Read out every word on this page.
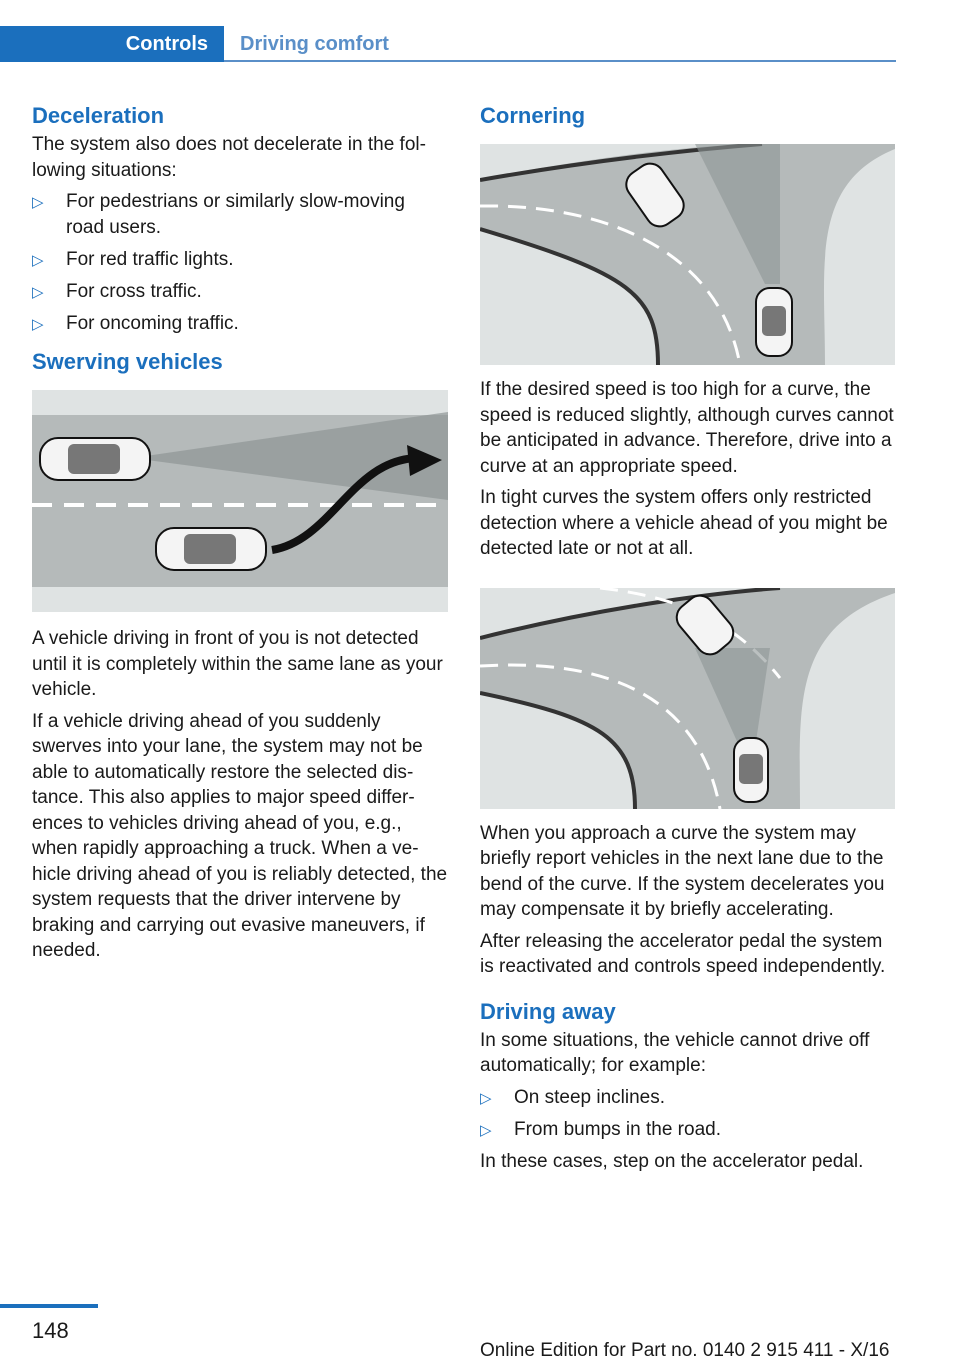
Controls	Driving comfort
Deceleration

The system also does not decelerate in the following situations:

▷ For pedestrians or similarly slow-moving road users.
▷ For red traffic lights.
▷ For cross traffic.
▷ For oncoming traffic.
Swerving vehicles

A vehicle driving in front of you is not detected until it is completely within the same lane as your vehicle.

If a vehicle driving ahead of you suddenly swerves into your lane, the system may not be able to automatically restore the selected distance. This also applies to major speed differences to vehicles driving ahead of you, e.g., when rapidly approaching a truck. When a vehicle driving ahead of you is reliably detected, the system requests that the driver intervene by braking and carrying out evasive maneuvers, if needed.

Cornering

If the desired speed is too high for a curve, the speed is reduced slightly, although curves cannot be anticipated in advance. Therefore, drive into a curve at an appropriate speed.

In tight curves the system offers only restricted detection where a vehicle ahead of you might be detected late or not at all.

When you approach a curve the system may briefly report vehicles in the next lane due to the bend of the curve. If the system decelerates you may compensate it by briefly accelerating.

After releasing the accelerator pedal the system is reactivated and controls speed independently.

Driving away

In some situations, the vehicle cannot drive off automatically; for example:

▷ On steep inclines.
▷ From bumps in the road.

In these cases, step on the accelerator pedal.

148
Online Edition for Part no. 0140 2 915 411 - X/16
